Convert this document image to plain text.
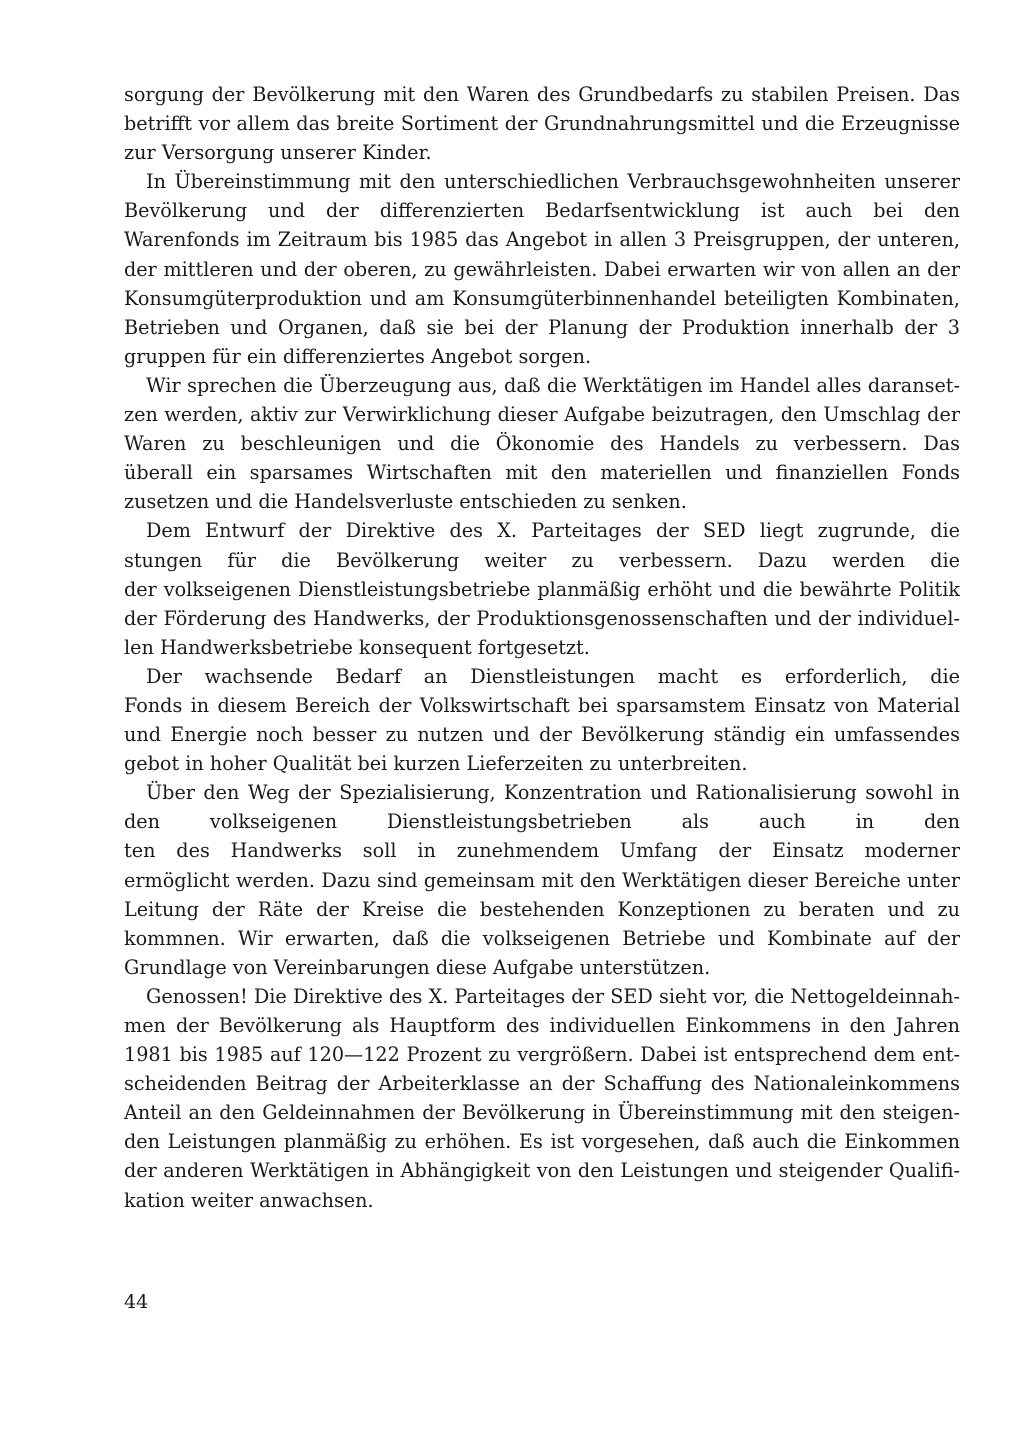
sorgung der Bevölkerung mit den Waren des Grundbedarfs zu stabilen Preisen. Das
betrifft vor allem das breite Sortiment der Grundnahrungsmittel und die Erzeugnisse
zur Versorgung unserer Kinder.
In Übereinstimmung mit den unterschiedlichen Verbrauchsgewohnheiten unserer
Bevölkerung und der differenzierten Bedarfsentwicklung ist auch bei den
Warenfonds im Zeitraum bis 1985 das Angebot in allen 3 Preisgruppen, der unteren,
der mittleren und der oberen, zu gewährleisten. Dabei erwarten wir von allen an der
Konsumgüterproduktion und am Konsumgüterbinnenhandel beteiligten Kombinaten,
Betrieben und Organen, daß sie bei der Planung der Produktion innerhalb der 3
gruppen für ein differenziertes Angebot sorgen.
Wir sprechen die Überzeugung aus, daß die Werktätigen im Handel alles daranset-
zen werden, aktiv zur Verwirklichung dieser Aufgabe beizutragen, den Umschlag der
Waren zu beschleunigen und die Ökonomie des Handels zu verbessern. Das
überall ein sparsames Wirtschaften mit den materiellen und finanziellen Fonds
zusetzen und die Handelsverluste entschieden zu senken.
Dem Entwurf der Direktive des X. Parteitages der SED liegt zugrunde, die
stungen für die Bevölkerung weiter zu verbessern. Dazu werden die
der volkseigenen Dienstleistungsbetriebe planmäßig erhöht und die bewährte Politik
der Förderung des Handwerks, der Produktionsgenossenschaften und der individuel-
len Handwerksbetriebe konsequent fortgesetzt.
Der wachsende Bedarf an Dienstleistungen macht es erforderlich, die
Fonds in diesem Bereich der Volkswirtschaft bei sparsamstem Einsatz von Material
und Energie noch besser zu nutzen und der Bevölkerung ständig ein umfassendes
gebot in hoher Qualität bei kurzen Lieferzeiten zu unterbreiten.
Über den Weg der Spezialisierung, Konzentration und Rationalisierung sowohl in
den volkseigenen Dienstleistungsbetrieben als auch in den
ten des Handwerks soll in zunehmendem Umfang der Einsatz moderner
ermöglicht werden. Dazu sind gemeinsam mit den Werktätigen dieser Bereiche unter
Leitung der Räte der Kreise die bestehenden Konzeptionen zu beraten und zu
kommnen. Wir erwarten, daß die volkseigenen Betriebe und Kombinate auf der
Grundlage von Vereinbarungen diese Aufgabe unterstützen.
Genossen! Die Direktive des X. Parteitages der SED sieht vor, die Nettogeldeinnah-
men der Bevölkerung als Hauptform des individuellen Einkommens in den Jahren
1981 bis 1985 auf 120—122 Prozent zu vergrößern. Dabei ist entsprechend dem ent-
scheidenden Beitrag der Arbeiterklasse an der Schaffung des Nationaleinkommens
Anteil an den Geldeinnahmen der Bevölkerung in Übereinstimmung mit den steigen-
den Leistungen planmäßig zu erhöhen. Es ist vorgesehen, daß auch die Einkommen
der anderen Werktätigen in Abhängigkeit von den Leistungen und steigender Qualifi-
kation weiter anwachsen.
44
